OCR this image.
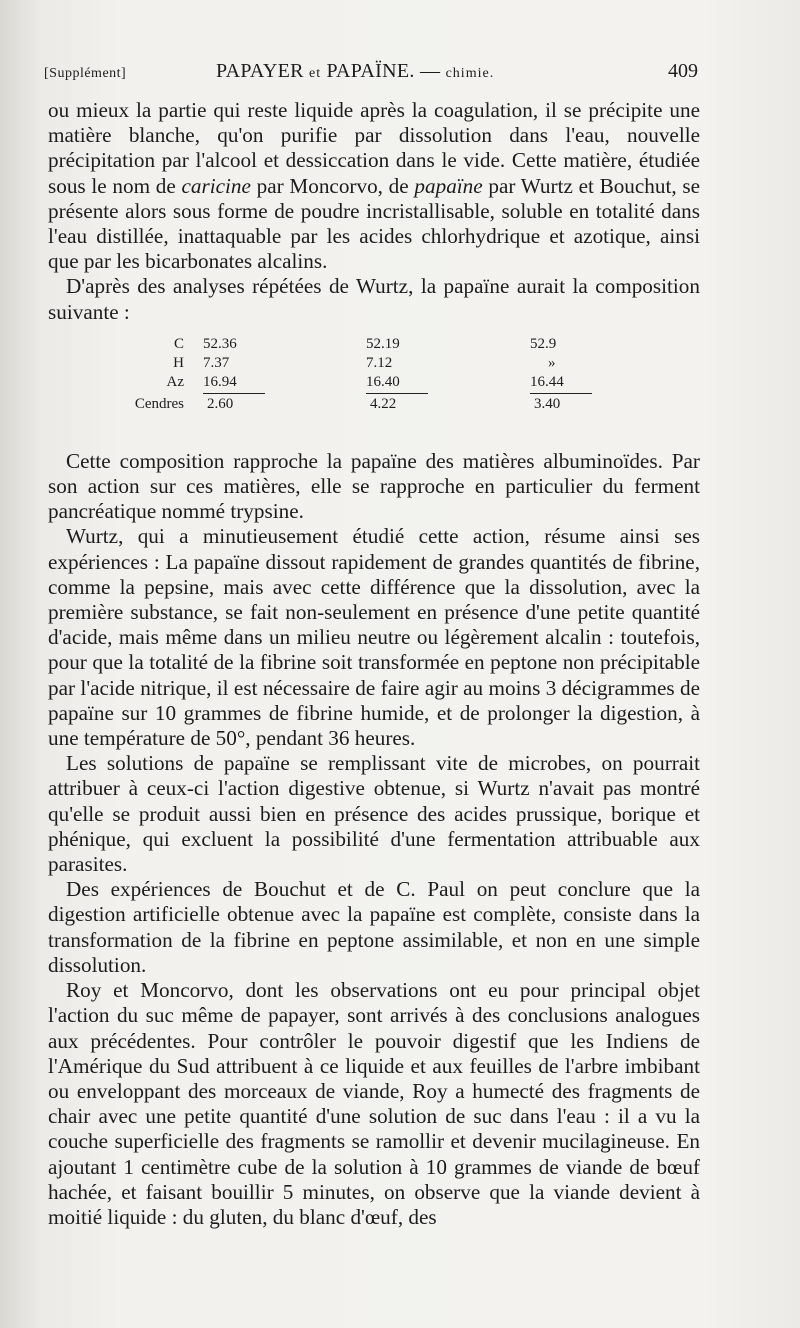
[Supplément]	PAPAYER et PAPAÏNE. — chimie.	409

ou mieux la partie qui reste liquide après la coagulation, il se précipite une matière blanche, qu'on purifie par dissolution dans l'eau, nouvelle précipitation par l'alcool et dessiccation dans le vide. Cette matière, étudiée sous le nom de caricine par Moncorvo, de papaïne par Wurtz et Bouchut, se présente alors sous forme de poudre incristallisable, soluble en totalité dans l'eau distillée, inattaquable par les acides chlorhydrique et azotique, ainsi que par les bicarbonates alcalins.

D'après des analyses répétées de Wurtz, la papaïne aurait la composition suivante :

C
H
Az
Cendres
52.36
7.37
16.94
2.60
52.19
7.12
16.40
4.22
52.9
»
16.44
3.40

Cette composition rapproche la papaïne des matières albuminoïdes. Par son action sur ces matières, elle se rapproche en particulier du ferment pancréatique nommé trypsine.

Wurtz, qui a minutieusement étudié cette action, résume ainsi ses expériences : La papaïne dissout rapidement de grandes quantités de fibrine, comme la pepsine, mais avec cette différence que la dissolution, avec la première substance, se fait non-seulement en présence d'une petite quantité d'acide, mais même dans un milieu neutre ou légèrement alcalin : toutefois, pour que la totalité de la fibrine soit transformée en peptone non précipitable par l'acide nitrique, il est nécessaire de faire agir au moins 3 décigrammes de papaïne sur 10 grammes de fibrine humide, et de prolonger la digestion, à une température de 50°, pendant 36 heures.

Les solutions de papaïne se remplissant vite de microbes, on pourrait attribuer à ceux-ci l'action digestive obtenue, si Wurtz n'avait pas montré qu'elle se produit aussi bien en présence des acides prussique, borique et phénique, qui excluent la possibilité d'une fermentation attribuable aux parasites.

Des expériences de Bouchut et de C. Paul on peut conclure que la digestion artificielle obtenue avec la papaïne est complète, consiste dans la transformation de la fibrine en peptone assimilable, et non en une simple dissolution.

Roy et Moncorvo, dont les observations ont eu pour principal objet l'action du suc même de papayer, sont arrivés à des conclusions analogues aux précédentes. Pour contrôler le pouvoir digestif que les Indiens de l'Amérique du Sud attribuent à ce liquide et aux feuilles de l'arbre imbibant ou enveloppant des morceaux de viande, Roy a humecté des fragments de chair avec une petite quantité d'une solution de suc dans l'eau : il a vu la couche superficielle des fragments se ramollir et devenir mucilagineuse. En ajoutant 1 centimètre cube de la solution à 10 grammes de viande de bœuf hachée, et faisant bouillir 5 minutes, on observe que la viande devient à moitié liquide : du gluten, du blanc d'œuf, des
